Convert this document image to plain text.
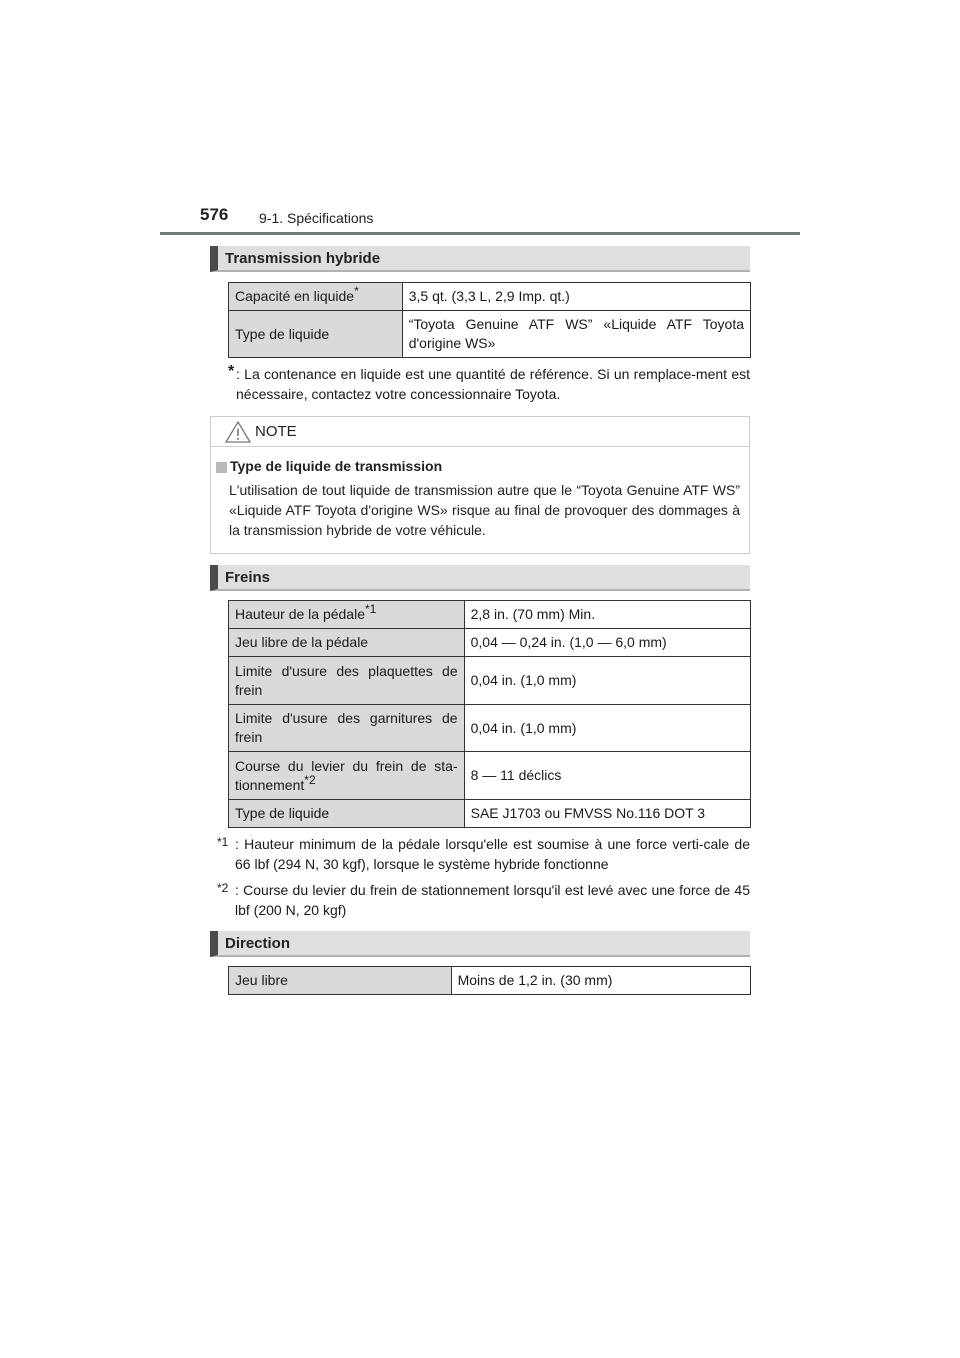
576 9-1. Spécifications
Transmission hybride
Capacité en liquide*	3,5 qt. (3,3 L, 2,9 Imp. qt.)
Type de liquide	“Toyota Genuine ATF WS” «Liquide ATF Toyota d'origine WS»
* : La contenance en liquide est une quantité de référence. Si un remplace-ment est nécessaire, contactez votre concessionnaire Toyota.
NOTE
Type de liquide de transmission
L'utilisation de tout liquide de transmission autre que le “Toyota Genuine ATF WS” «Liquide ATF Toyota d'origine WS» risque au final de provoquer des dommages à la transmission hybride de votre véhicule.
Freins
Hauteur de la pédale$^{*1}$	2,8 in. (70 mm) Min.
Jeu libre de la pédale	0,04 — 0,24 in. (1,0 — 6,0 mm)
Limite d'usure des plaquettes de frein	0,04 in. (1,0 mm)
Limite d'usure des garnitures de frein	0,04 in. (1,0 mm)
Course du levier du frein de sta-tionnement$^{*2}$	8 — 11 déclics
Type de liquide	SAE J1703 ou FMVSS No.116 DOT 3
*1 : Hauteur minimum de la pédale lorsqu'elle est soumise à une force verti-cale de 66 lbf (294 N, 30 kgf), lorsque le système hybride fonctionne
*2 : Course du levier du frein de stationnement lorsqu'il est levé avec une force de 45 lbf (200 N, 20 kgf)
Direction
Jeu libre	Moins de 1,2 in. (30 mm)
